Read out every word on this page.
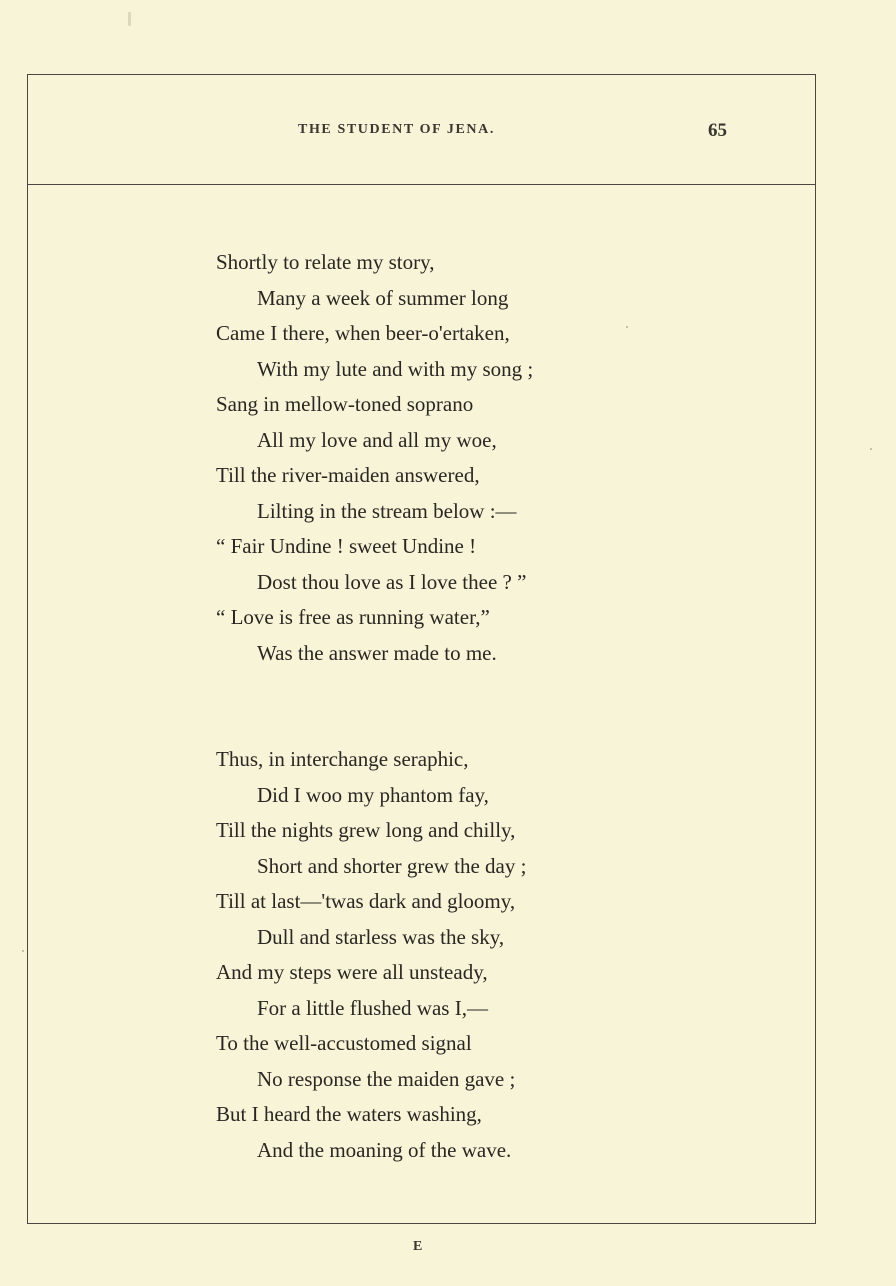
THE STUDENT OF JENA.	65
Shortly to relate my story,
Many a week of summer long
Came I there, when beer-o'ertaken,
With my lute and with my song ;
Sang in mellow-toned soprano
All my love and all my woe,
Till the river-maiden answered,
Lilting in the stream below :—
“ Fair Undine ! sweet Undine !
Dost thou love as I love thee ? ”
“ Love is free as running water,”
Was the answer made to me.
Thus, in interchange seraphic,
Did I woo my phantom fay,
Till the nights grew long and chilly,
Short and shorter grew the day ;
Till at last—'twas dark and gloomy,
Dull and starless was the sky,
And my steps were all unsteady,
For a little flushed was I,—
To the well-accustomed signal
No response the maiden gave ;
But I heard the waters washing,
And the moaning of the wave.
E
